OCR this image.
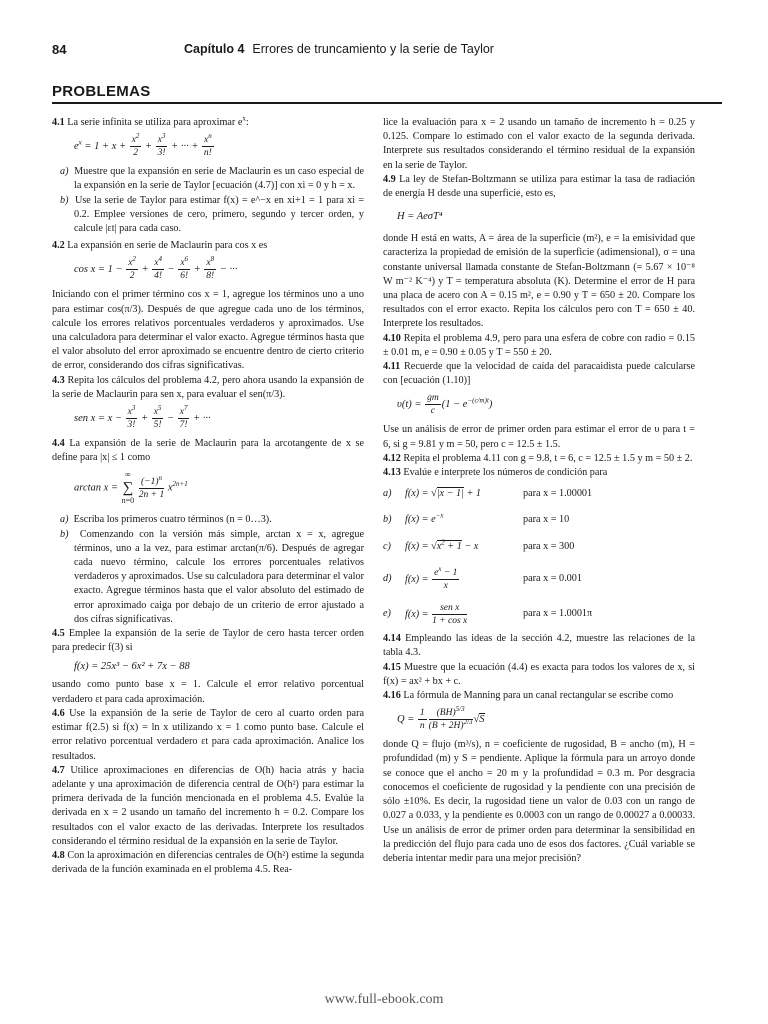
84	Capítulo 4 Errores de truncamiento y la serie de Taylor
PROBLEMAS

4.1 La serie infinita se utiliza para aproximar $e^x$:

$e^x = 1 + x + \frac{x^2}{2} + \frac{x^3}{3!}$ + ··· + $\frac{x^n}{n!}$

a) Muestre que la expansión en serie de Maclaurin es un caso especial de la expansión en la serie de Taylor [ecuación (4.7)] con xi = 0 y h = x.

b) Use la serie de Taylor para estimar f(x) = e^−x en xi+1 = 1 para xi = 0.2. Emplee versiones de cero, primero, segundo y tercer orden, y calcule |εt| para cada caso.

4.2 La expansión en serie de Maclaurin para cos x es

$\cos x = 1 - \frac{x^2}{2} + \frac{x^4}{4!} - \frac{x^6}{6!} + \frac{x^8}{8!}$ − ···

Iniciando con el primer término cos x = 1, agregue los términos uno a uno para estimar cos(π/3). Después de que agregue cada uno de los términos, calcule los errores relativos porcentuales verdaderos y aproximados. Use una calculadora para determinar el valor exacto. Agregue términos hasta que el valor absoluto del error aproximado se encuentre dentro de cierto criterio de error, considerando dos cifras significativas.

4.3 Repita los cálculos del problema 4.2, pero ahora usando la expansión de la serie de Maclaurin para sen x, para evaluar el sen(π/3).

sen $x = x - \frac{x^3}{3!} + \frac{x^5}{5!} - \frac{x^7}{7!}$ + ···

4.4 La expansión de la serie de Maclaurin para la arcotangente de x se define para |x| ≤ 1 como

arctan x =
∞
∑
n=0
$\frac{(-1)^n}{2n + 1} x^{2n+1}$

a) Escriba los primeros cuatro términos (n = 0…3).

b) Comenzando con la versión más simple, arctan x = x, agregue términos, uno a la vez, para estimar arctan(π/6). Después de agregar cada nuevo término, calcule los errores porcentuales relativos verdaderos y aproximados. Use su calculadora para determinar el valor exacto. Agregue términos hasta que el valor absoluto del estimado de error aproximado caiga por debajo de un criterio de error ajustado a dos cifras significativas.

4.5 Emplee la expansión de la serie de Taylor de cero hasta tercer orden para predecir f(3) si

f(x) = 25x³ − 6x² + 7x − 88

usando como punto base x = 1. Calcule el error relativo porcentual verdadero εt para cada aproximación.

4.6 Use la expansión de la serie de Taylor de cero al cuarto orden para estimar f(2.5) si f(x) = ln x utilizando x = 1 como punto base. Calcule el error relativo porcentual verdadero εt para cada aproximación. Analice los resultados.

4.7 Utilice aproximaciones en diferencias de O(h) hacia atrás y hacia adelante y una aproximación de diferencia central de O(h²) para estimar la primera derivada de la función mencionada en el problema 4.5. Evalúe la derivada en x = 2 usando un tamaño del incremento h = 0.2. Compare los resultados con el valor exacto de las derivadas. Interprete los resultados considerando el término residual de la expansión en la serie de Taylor.

4.8 Con la aproximación en diferencias centrales de O(h²) estime la segunda derivada de la función examinada en el problema 4.5. Rea-

lice la evaluación para x = 2 usando un tamaño de incremento h = 0.25 y 0.125. Compare lo estimado con el valor exacto de la segunda derivada. Interprete sus resultados considerando el término residual de la expansión en la serie de Taylor.

4.9 La ley de Stefan-Boltzmann se utiliza para estimar la tasa de radiación de energía H desde una superficie, esto es,

H = AeσT⁴

donde H está en watts, A = área de la superficie (m²), e = la emisividad que caracteriza la propiedad de emisión de la superficie (adimensional), σ = una constante universal llamada constante de Stefan-Boltzmann (= 5.67 × 10⁻⁸ W m⁻² K⁻⁴) y T = temperatura absoluta (K). Determine el error de H para una placa de acero con A = 0.15 m², e = 0.90 y T = 650 ± 20. Compare los resultados con el error exacto. Repita los cálculos pero con T = 650 ± 40. Interprete los resultados.

4.10 Repita el problema 4.9, pero para una esfera de cobre con radio = 0.15 ± 0.01 m, e = 0.90 ± 0.05 y T = 550 ± 20.

4.11 Recuerde que la velocidad de caída del paracaidista puede calcularse con [ecuación (1.10)]

$\upsilon(t) = \frac{gm}{c} (1 - e^{-(c/m)t})$

Use un análisis de error de primer orden para estimar el error de υ para t = 6, si g = 9.81 y m = 50, pero c = 12.5 ± 1.5.

4.12 Repita el problema 4.11 con g = 9.8, t = 6, c = 12.5 ± 1.5 y m = 50 ± 2.

4.13 Evalúe e interprete los números de condición para

a)	f(x) = √|x − 1| + 1	para x = 1.00001
b)	$f(x) = e^{-x}$	para x = 10
c)	$f(x) = √x^2 + 1 - x$	para x = 300
d)	$f(x) = \frac{e^x - 1}{x}$	para x = 0.001
e)	$f(x) = \frac{\text{sen x}}{\text{1 + cos x}}$	para x = 1.0001π

4.14 Empleando las ideas de la sección 4.2, muestre las relaciones de la tabla 4.3.

4.15 Muestre que la ecuación (4.4) es exacta para todos los valores de x, si f(x) = ax² + bx + c.

4.16 La fórmula de Manning para un canal rectangular se escribe como

$Q = \frac{1}{n} \frac{(BH)^{5/3}}{(B + 2H)^{2/3}} √S$

donde Q = flujo (m³/s), n = coeficiente de rugosidad, B = ancho (m), H = profundidad (m) y S = pendiente. Aplique la fórmula para un arroyo donde se conoce que el ancho = 20 m y la profundidad = 0.3 m. Por desgracia conocemos el coeficiente de rugosidad y la pendiente con una precisión de sólo ±10%. Es decir, la rugosidad tiene un valor de 0.03 con un rango de 0.027 a 0.033, y la pendiente es 0.0003 con un rango de 0.00027 a 0.00033. Use un análisis de error de primer orden para determinar la sensibilidad en la predicción del flujo para cada uno de esos dos factores. ¿Cuál variable se debería intentar medir para una mejor precisión?

www.full-ebook.com
